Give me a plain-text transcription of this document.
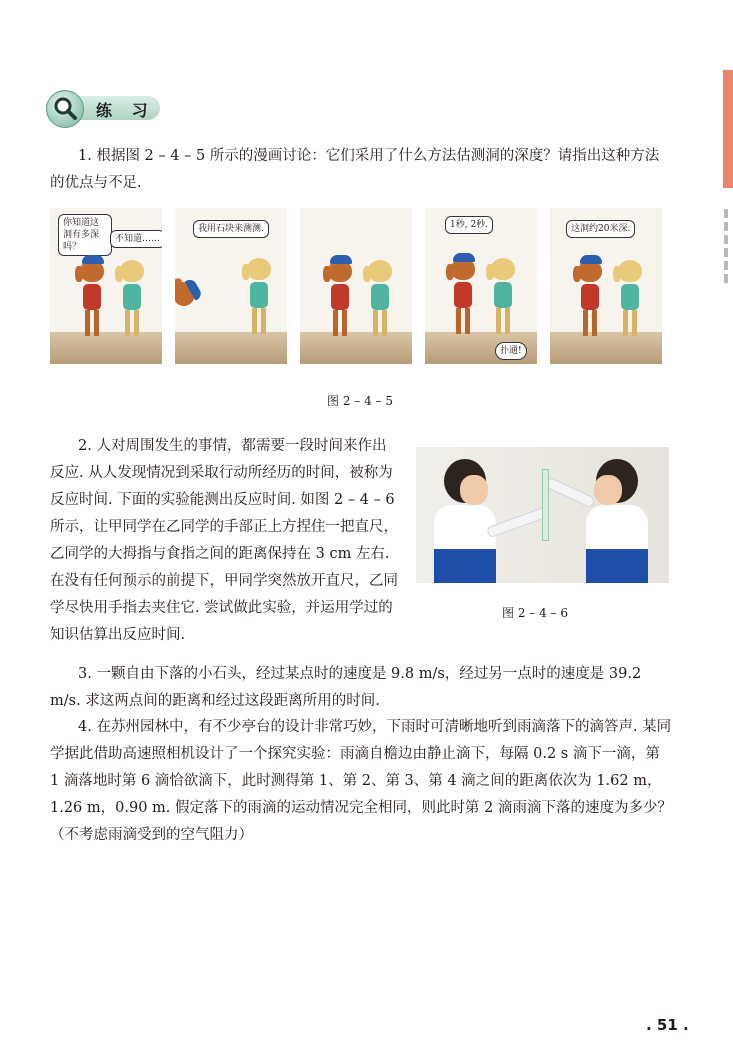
练 习

1. 根据图 2 – 4 – 5 所示的漫画讨论：它们采用了什么方法估测洞的深度？请指出这种方法的优点与不足.

你知道这洞有多深吗？
不知道……
我用石块来测测.	1秒, 2秒.
扑通!
这洞约20米深.
图 2 – 4 – 5

2. 人对周围发生的事情，都需要一段时间来作出反应. 从人发现情况到采取行动所经历的时间，被称为反应时间. 下面的实验能测出反应时间. 如图 2 – 4 – 6 所示，让甲同学在乙同学的手部正上方捏住一把直尺，乙同学的大拇指与食指之间的距离保持在 3 cm 左右. 在没有任何预示的前提下，甲同学突然放开直尺，乙同学尽快用手指去夹住它. 尝试做此实验，并运用学过的知识估算出反应时间.

图 2 – 4 – 6

3. 一颗自由下落的小石头，经过某点时的速度是 9.8 m/s，经过另一点时的速度是 39.2 m/s. 求这两点间的距离和经过这段距离所用的时间.

4. 在苏州园林中，有不少亭台的设计非常巧妙，下雨时可清晰地听到雨滴落下的滴答声. 某同学据此借助高速照相机设计了一个探究实验：雨滴自檐边由静止滴下，每隔 0.2 s 滴下一滴，第 1 滴落地时第 6 滴恰欲滴下，此时测得第 1、第 2、第 3、第 4 滴之间的距离依次为 1.62 m，1.26 m，0.90 m. 假定落下的雨滴的运动情况完全相同，则此时第 2 滴雨滴下落的速度为多少？（不考虑雨滴受到的空气阻力）

. 51 .
